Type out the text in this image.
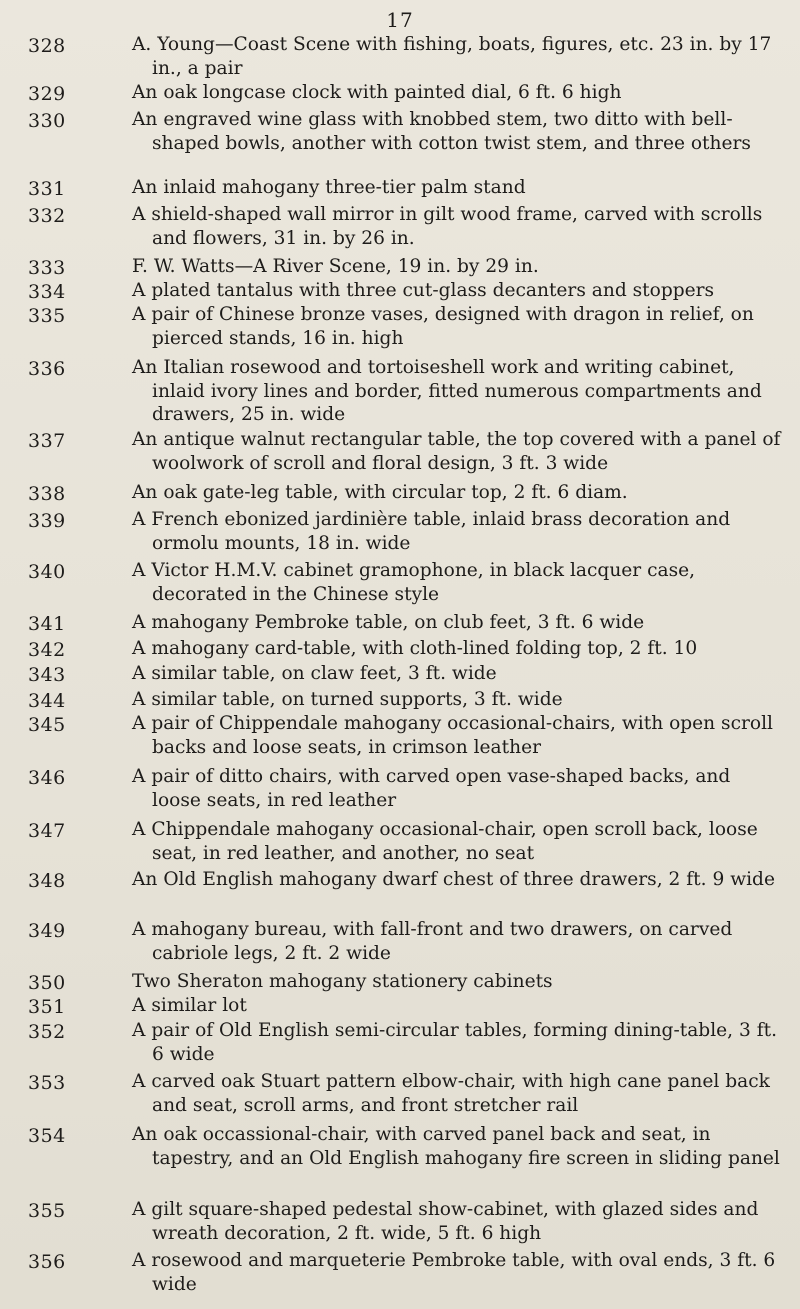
17
328	A. Young—Coast Scene with fishing, boats, figures, etc. 23 in. by 17 in., a pair
329	An oak longcase clock with painted dial, 6 ft. 6 high
330	An engraved wine glass with knobbed stem, two ditto with bell-shaped bowls, another with cotton twist stem, and three others
331	An inlaid mahogany three-tier palm stand
332	A shield-shaped wall mirror in gilt wood frame, carved with scrolls and flowers, 31 in. by 26 in.
333	F. W. Watts—A River Scene, 19 in. by 29 in.
334	A plated tantalus with three cut-glass decanters and stoppers
335	A pair of Chinese bronze vases, designed with dragon in relief, on pierced stands, 16 in. high
336	An Italian rosewood and tortoiseshell work and writing cabinet, inlaid ivory lines and border, fitted numerous compartments and drawers, 25 in. wide
337	An antique walnut rectangular table, the top covered with a panel of woolwork of scroll and floral design, 3 ft. 3 wide
338	An oak gate-leg table, with circular top, 2 ft. 6 diam.
339	A French ebonized jardinière table, inlaid brass decoration and ormolu mounts, 18 in. wide
340	A Victor H.M.V. cabinet gramophone, in black lacquer case, decorated in the Chinese style
341	A mahogany Pembroke table, on club feet, 3 ft. 6 wide
342	A mahogany card-table, with cloth-lined folding top, 2 ft. 10
343	A similar table, on claw feet, 3 ft. wide
344	A similar table, on turned supports, 3 ft. wide
345	A pair of Chippendale mahogany occasional-chairs, with open scroll backs and loose seats, in crimson leather
346	A pair of ditto chairs, with carved open vase-shaped backs, and loose seats, in red leather
347	A Chippendale mahogany occasional-chair, open scroll back, loose seat, in red leather, and another, no seat
348	An Old English mahogany dwarf chest of three drawers, 2 ft. 9 wide
349	A mahogany bureau, with fall-front and two drawers, on carved cabriole legs, 2 ft. 2 wide
350	Two Sheraton mahogany stationery cabinets
351	A similar lot
352	A pair of Old English semi-circular tables, forming dining-table, 3 ft. 6 wide
353	A carved oak Stuart pattern elbow-chair, with high cane panel back and seat, scroll arms, and front stretcher rail
354	An oak occassional-chair, with carved panel back and seat, in tapestry, and an Old English mahogany fire screen in sliding panel
355	A gilt square-shaped pedestal show-cabinet, with glazed sides and wreath decoration, 2 ft. wide, 5 ft. 6 high
356	A rosewood and marqueterie Pembroke table, with oval ends, 3 ft. 6 wide
